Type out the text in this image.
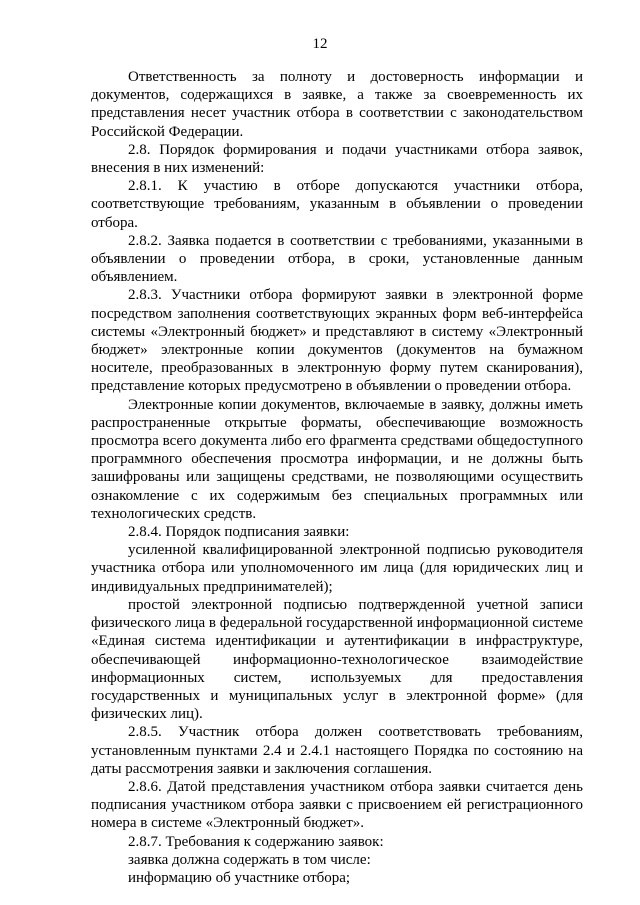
12

Ответственность за полноту и достоверность информации и документов, содержащихся в заявке, а также за своевременность их представления несет участник отбора в соответствии с законодательством Российской Федерации.

2.8. Порядок формирования и подачи участниками отбора заявок, внесения в них изменений:

2.8.1. К участию в отборе допускаются участники отбора, соответствующие требованиям, указанным в объявлении о проведении отбора.

2.8.2. Заявка подается в соответствии с требованиями, указанными в объявлении о проведении отбора, в сроки, установленные данным объявлением.

2.8.3. Участники отбора формируют заявки в электронной форме посредством заполнения соответствующих экранных форм веб-интерфейса системы «Электронный бюджет» и представляют в систему «Электронный бюджет» электронные копии документов (документов на бумажном носителе, преобразованных в электронную форму путем сканирования), представление которых предусмотрено в объявлении о проведении отбора.

Электронные копии документов, включаемые в заявку, должны иметь распространенные открытые форматы, обеспечивающие возможность просмотра всего документа либо его фрагмента средствами общедоступного программного обеспечения просмотра информации, и не должны быть зашифрованы или защищены средствами, не позволяющими осуществить ознакомление с их содержимым без специальных программных или технологических средств.

2.8.4. Порядок подписания заявки:

усиленной квалифицированной электронной подписью руководителя участника отбора или уполномоченного им лица (для юридических лиц и индивидуальных предпринимателей);

простой электронной подписью подтвержденной учетной записи физического лица в федеральной государственной информационной системе «Единая система идентификации и аутентификации в инфраструктуре, обеспечивающей информационно-технологическое взаимодействие информационных систем, используемых для предоставления государственных и муниципальных услуг в электронной форме» (для физических лиц).

2.8.5. Участник отбора должен соответствовать требованиям, установленным пунктами 2.4 и 2.4.1 настоящего Порядка по состоянию на даты рассмотрения заявки и заключения соглашения.

2.8.6. Датой представления участником отбора заявки считается день подписания участником отбора заявки с присвоением ей регистрационного номера в системе «Электронный бюджет».

2.8.7. Требования к содержанию заявок:

заявка должна содержать в том числе:

информацию об участнике отбора;
